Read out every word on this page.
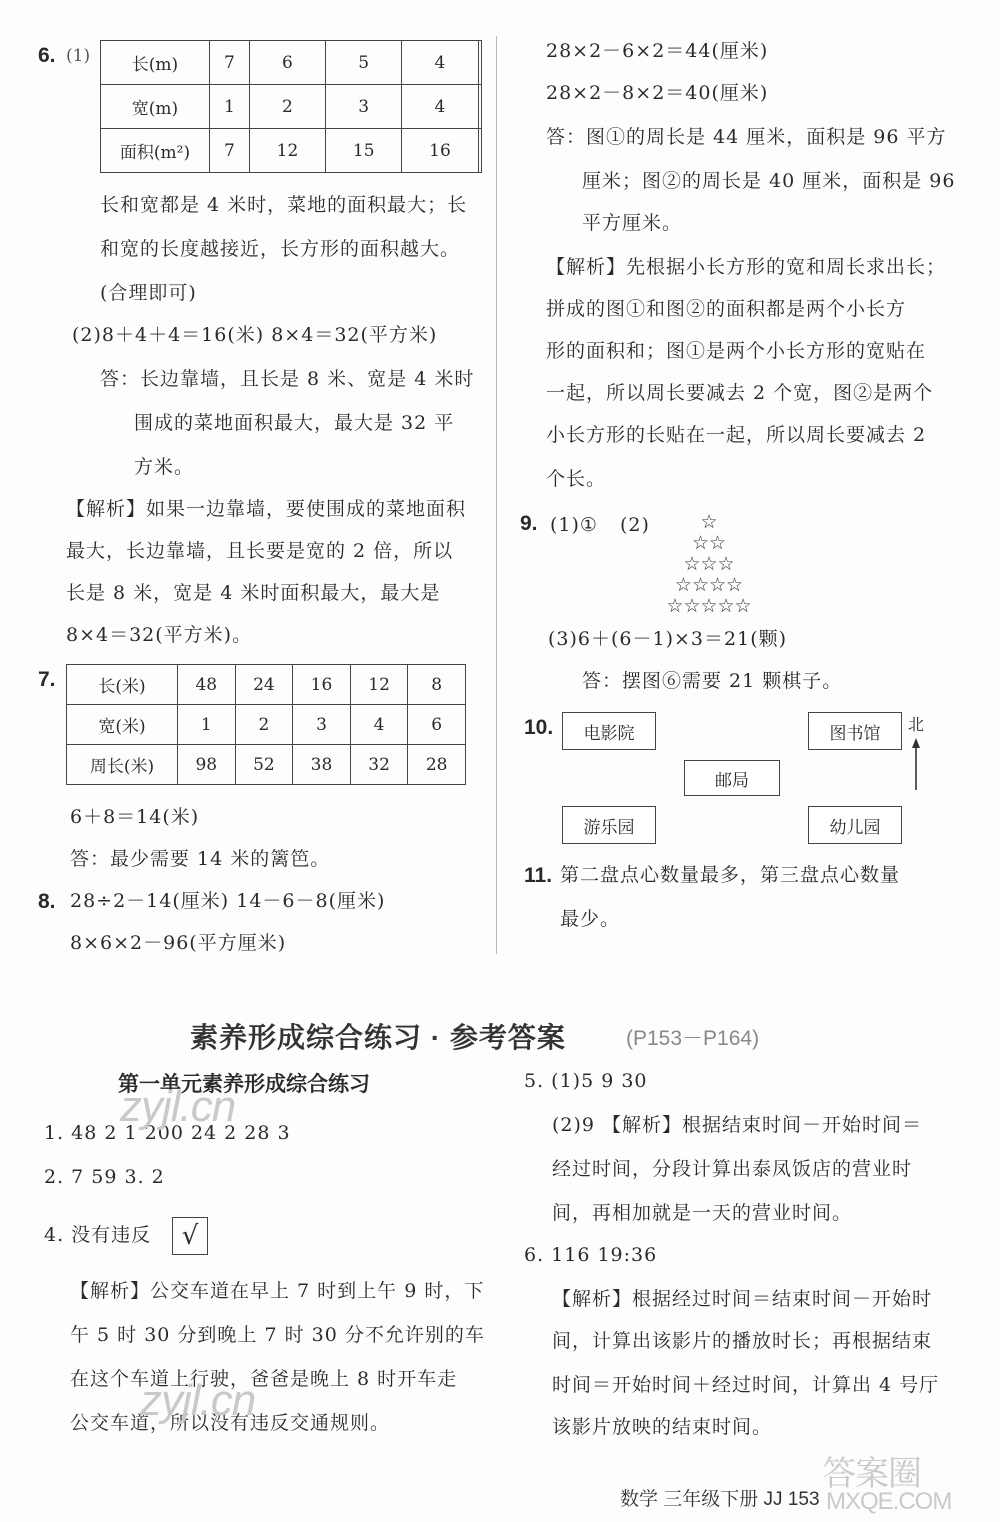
6. (1) 长(m)	7	6	5	4	
宽(m)	1	2	3	4	
面积(m²)	7	12	15	16	
长和宽都是 4 米时，菜地的面积最大；长
和宽的长度越接近，长方形的面积越大。
(合理即可)
(2)8＋4＋4＝16(米) 8×4＝32(平方米)
答：长边靠墙，且长是 8 米、宽是 4 米时
围成的菜地面积最大，最大是 32 平
方米。
【解析】如果一边靠墙，要使围成的菜地面积
最大，长边靠墙，且长要是宽的 2 倍，所以
长是 8 米，宽是 4 米时面积最大，最大是
8×4＝32(平方米)。
7.	长(米)	48	24	16	12	8
宽(米)	1	2	3	4	6
周长(米)	98	52	38	32	28
6＋8＝14(米)
答：最少需要 14 米的篱笆。
8. 28÷2－14(厘米) 14－6－8(厘米)
8×6×2－96(平方厘米)
28×2－6×2＝44(厘米)
28×2－8×2＝40(厘米)
答：图①的周长是 44 厘米，面积是 96 平方
厘米；图②的周长是 40 厘米，面积是 96
平方厘米。
【解析】先根据小长方形的宽和周长求出长；
拼成的图①和图②的面积都是两个小长方
形的面积和；图①是两个小长方形的宽贴在
一起，所以周长要减去 2 个宽，图②是两个
小长方形的长贴在一起，所以周长要减去 2
个长。
9. (1)① (2)	☆
☆☆
☆☆☆
☆☆☆☆
☆☆☆☆☆
(3)6＋(6－1)×3＝21(颗)
答：摆图⑥需要 21 颗棋子。
10.	电影院	图书馆
邮局
游乐园	幼儿园
北
11. 第二盘点心数量最多，第三盘点心数量
最少。
素养形成综合练习 · 参考答案	(P153－P164)
第一单元素养形成综合练习
1. 48 2 1 200 24 2 28 3
2. 7 59 3. 2
4. 没有违反	√
【解析】公交车道在早上 7 时到上午 9 时，下
午 5 时 30 分到晚上 7 时 30 分不允许别的车
在这个车道上行驶，爸爸是晚上 8 时开车走
公交车道，所以没有违反交通规则。
5. (1)5 9 30
(2)9 【解析】根据结束时间－开始时间＝
经过时间，分段计算出泰凤饭店的营业时
间，再相加就是一天的营业时间。
6. 116 19:36
【解析】根据经过时间＝结束时间－开始时
间，计算出该影片的播放时长；再根据结束
时间＝开始时间＋经过时间，计算出 4 号厅
该影片放映的结束时间。
zyjl.cn
zyjl.cn
答案圈
MXQE.COM
数学 三年级下册 JJ 153
